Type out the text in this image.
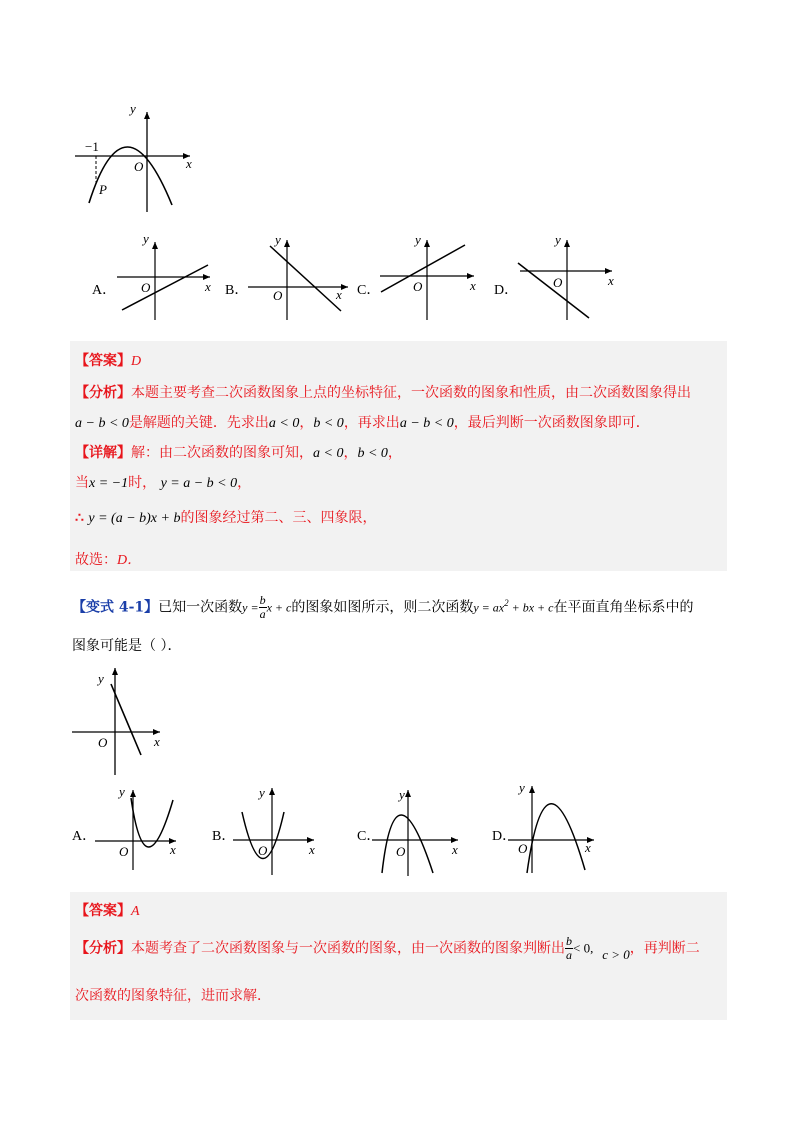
y
x
O
−1
P
y
x
O
y
x
O
y
x
O
y
x
O
y
x
O
y
x
O
y
x
O
y
x
O
y
x
O
A．	B．	C．	D．
A．	B．	C．	D．
【答案】D
【分析】本题主要考查二次函数图象上点的坐标特征，一次函数的图象和性质，由二次函数图象得出
a − b < 0是解题的关键．先求出a < 0，b < 0，再求出a − b < 0，最后判断一次函数图象即可．
【详解】解：由二次函数的图象可知，a < 0，b < 0，
当x = −1时， y = a − b < 0，
∴ y = (a − b)x + b的图象经过第二、三、四象限，
故选：D．
【变式 4-1】已知一次函数$y = \frac{b}{a}$ x + c的图象如图所示，则二次函数$y = ax^2$ + bx + c在平面直角坐标系中的
图象可能是（ ）．
【答案】A
【分析】本题考查了二次函数图象与一次函数的图象，由一次函数的图象判断出 $\frac{b}{a} < 0$, c > 0，再判断二
次函数的图象特征，进而求解．
